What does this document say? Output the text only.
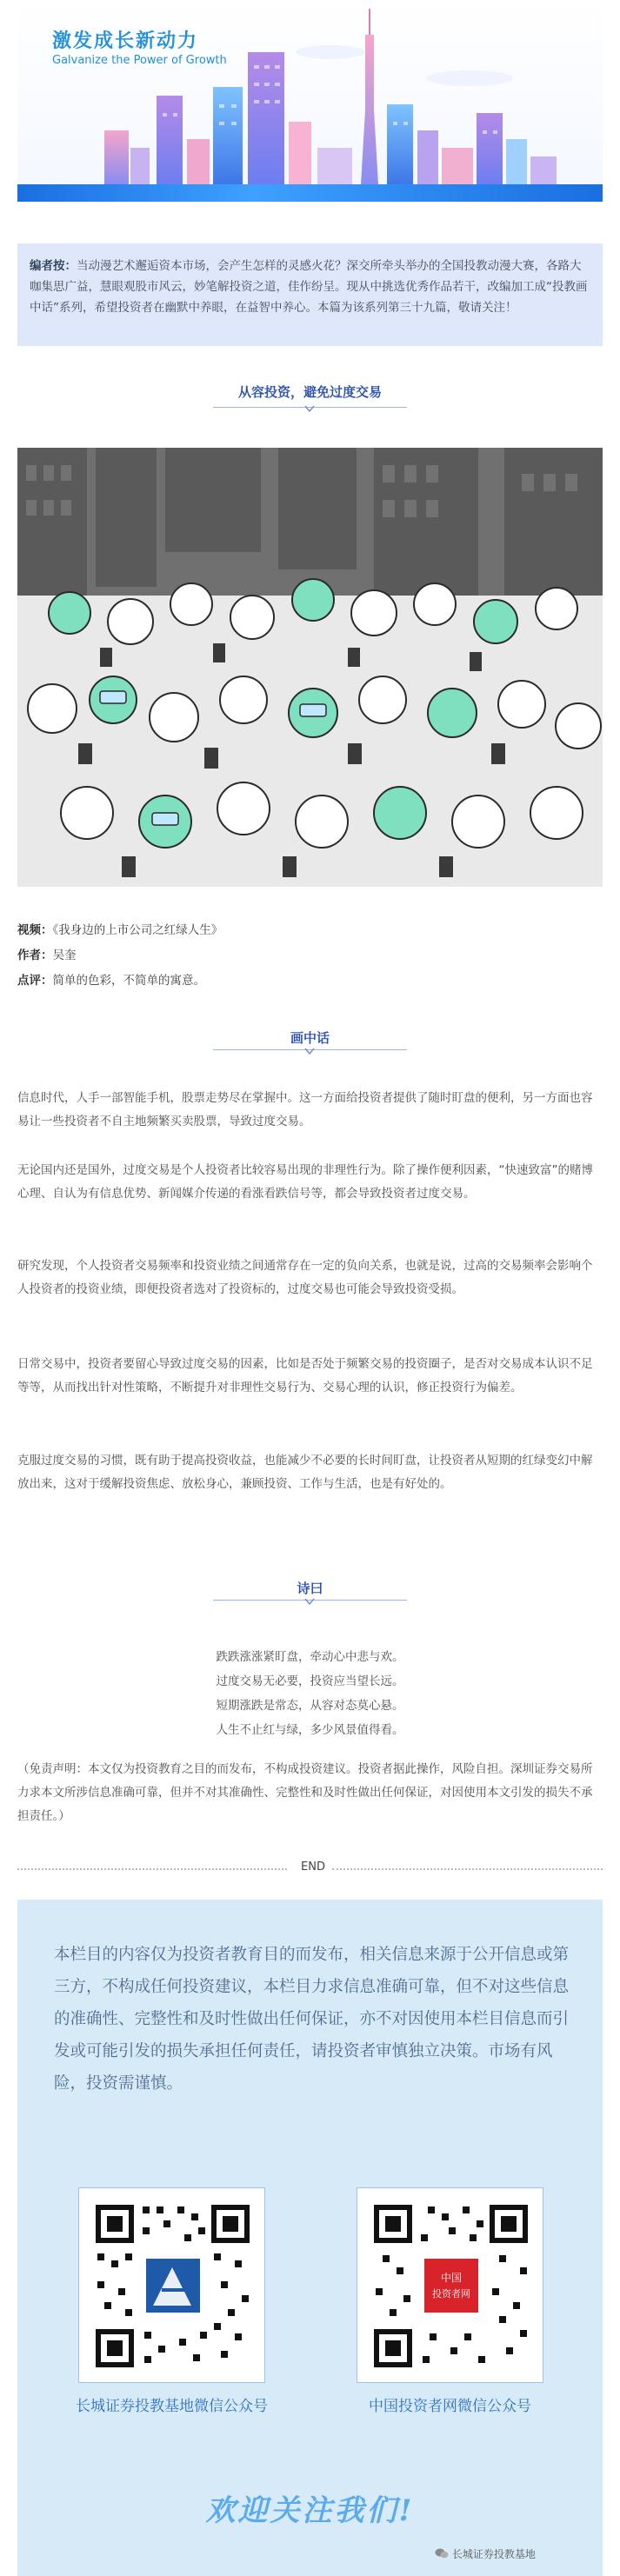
激发成长新动力
Galvanize the Power of Growth

编者按：当动漫艺术邂逅资本市场，会产生怎样的灵感火花？深交所牵头举办的全国投教动漫大赛，各路大咖集思广益，慧眼观股市风云，妙笔解投资之道，佳作纷呈。现从中挑选优秀作品若干，改编加工成“投教画中话”系列，希望投资者在幽默中养眼，在益智中养心。本篇为该系列第三十九篇，敬请关注！

从容投资，避免过度交易
视频：《我身边的上市公司之红绿人生》
作者：吴奎
点评：简单的色彩，不简单的寓意。
画中话

信息时代，人手一部智能手机，股票走势尽在掌握中。这一方面给投资者提供了随时盯盘的便利，另一方面也容易让一些投资者不自主地频繁买卖股票，导致过度交易。

无论国内还是国外，过度交易是个人投资者比较容易出现的非理性行为。除了操作便利因素，“快速致富”的赌博心理、自认为有信息优势、新闻媒介传递的看涨看跌信号等，都会导致投资者过度交易。

研究发现，个人投资者交易频率和投资业绩之间通常存在一定的负向关系，也就是说，过高的交易频率会影响个人投资者的投资业绩，即便投资者选对了投资标的，过度交易也可能会导致投资受损。

日常交易中，投资者要留心导致过度交易的因素，比如是否处于频繁交易的投资圈子，是否对交易成本认识不足等等，从而找出针对性策略，不断提升对非理性交易行为、交易心理的认识，修正投资行为偏差。

克服过度交易的习惯，既有助于提高投资收益，也能减少不必要的长时间盯盘，让投资者从短期的红绿变幻中解放出来，这对于缓解投资焦虑、放松身心，兼顾投资、工作与生活，也是有好处的。

诗曰
跌跌涨涨紧盯盘，牵动心中悲与欢。
过度交易无必要，投资应当望长远。
短期涨跌是常态，从容对态莫心悬。
人生不止红与绿，多少风景值得看。

（免责声明：本文仅为投资教育之目的而发布，不构成投资建议。投资者据此操作，风险自担。深圳证券交易所力求本文所涉信息准确可靠，但并不对其准确性、完整性和及时性做出任何保证，对因使用本文引发的损失不承担责任。）

END

本栏目的内容仅为投资者教育目的而发布，相关信息来源于公开信息或第三方，不构成任何投资建议，本栏目力求信息准确可靠，但不对这些信息的准确性、完整性和及时性做出任何保证，亦不对因使用本栏目信息而引发或可能引发的损失承担任何责任，请投资者审慎独立决策。市场有风险，投资需谨慎。

长城证券投教基地微信公众号
中国
投资者网
中国投资者网微信公众号
欢迎关注我们!
长城证券投教基地
